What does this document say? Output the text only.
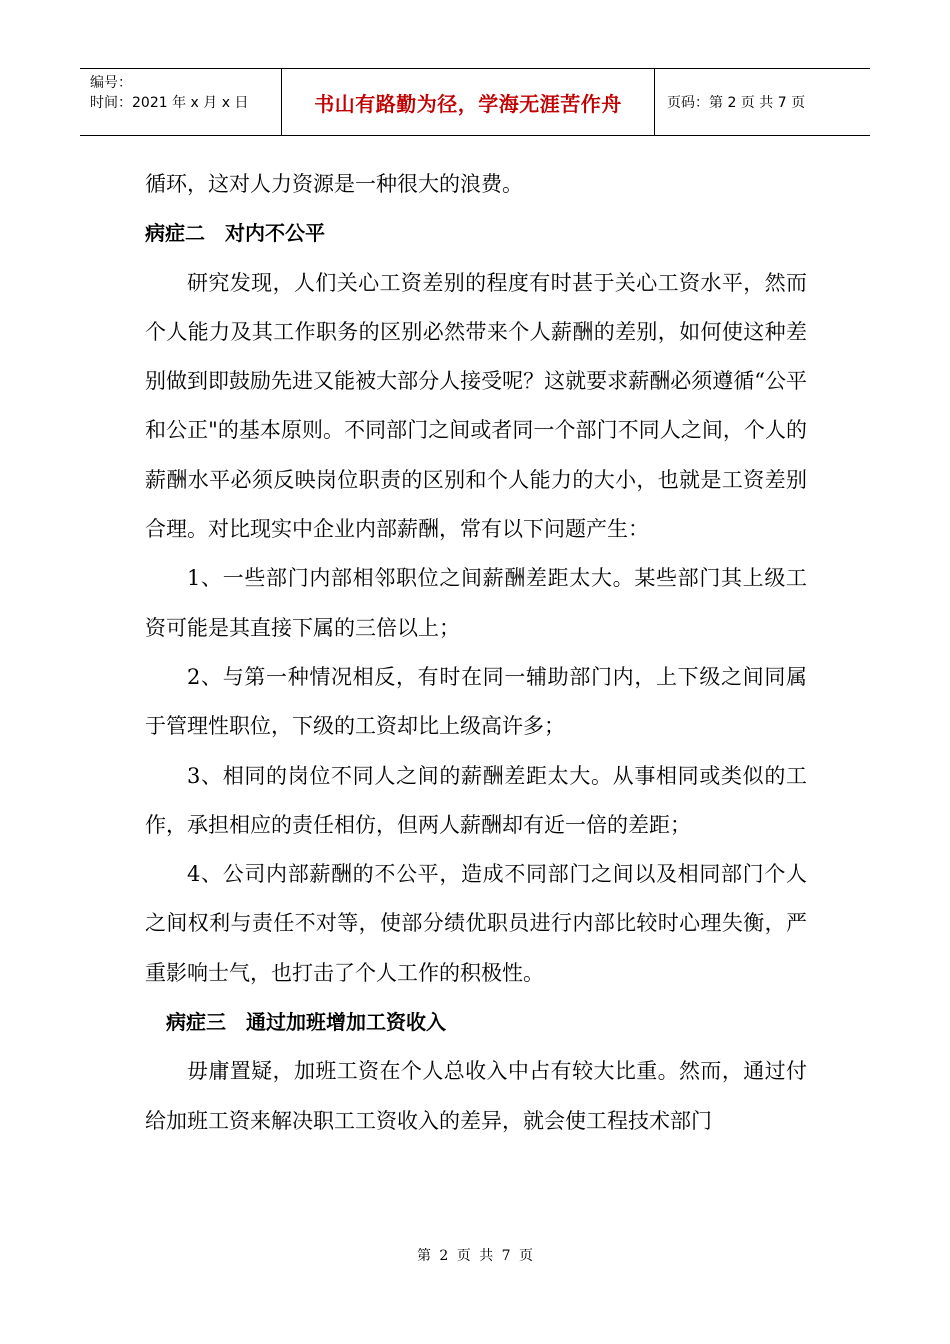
编号：
时间：2021 年 x 月 x 日	书山有路勤为径，学海无涯苦作舟	页码：第 2 页 共 7 页

循环，这对人力资源是一种很大的浪费。

病症二　对内不公平

研究发现，人们关心工资差别的程度有时甚于关心工资水平，然而个人能力及其工作职务的区别必然带来个人薪酬的差别，如何使这种差别做到即鼓励先进又能被大部分人接受呢？这就要求薪酬必须遵循“公平和公正"的基本原则。不同部门之间或者同一个部门不同人之间，个人的薪酬水平必须反映岗位职责的区别和个人能力的大小，也就是工资差别合理。对比现实中企业内部薪酬，常有以下问题产生：

1、一些部门内部相邻职位之间薪酬差距太大。某些部门其上级工资可能是其直接下属的三倍以上；

2、与第一种情况相反，有时在同一辅助部门内，上下级之间同属于管理性职位，下级的工资却比上级高许多；

3、相同的岗位不同人之间的薪酬差距太大。从事相同或类似的工作，承担相应的责任相仿，但两人薪酬却有近一倍的差距；

4、公司内部薪酬的不公平，造成不同部门之间以及相同部门个人之间权利与责任不对等，使部分绩优职员进行内部比较时心理失衡，严重影响士气，也打击了个人工作的积极性。

病症三　通过加班增加工资收入

毋庸置疑，加班工资在个人总收入中占有较大比重。然而，通过付给加班工资来解决职工工资收入的差异，就会使工程技术部门

第 2 页 共 7 页
